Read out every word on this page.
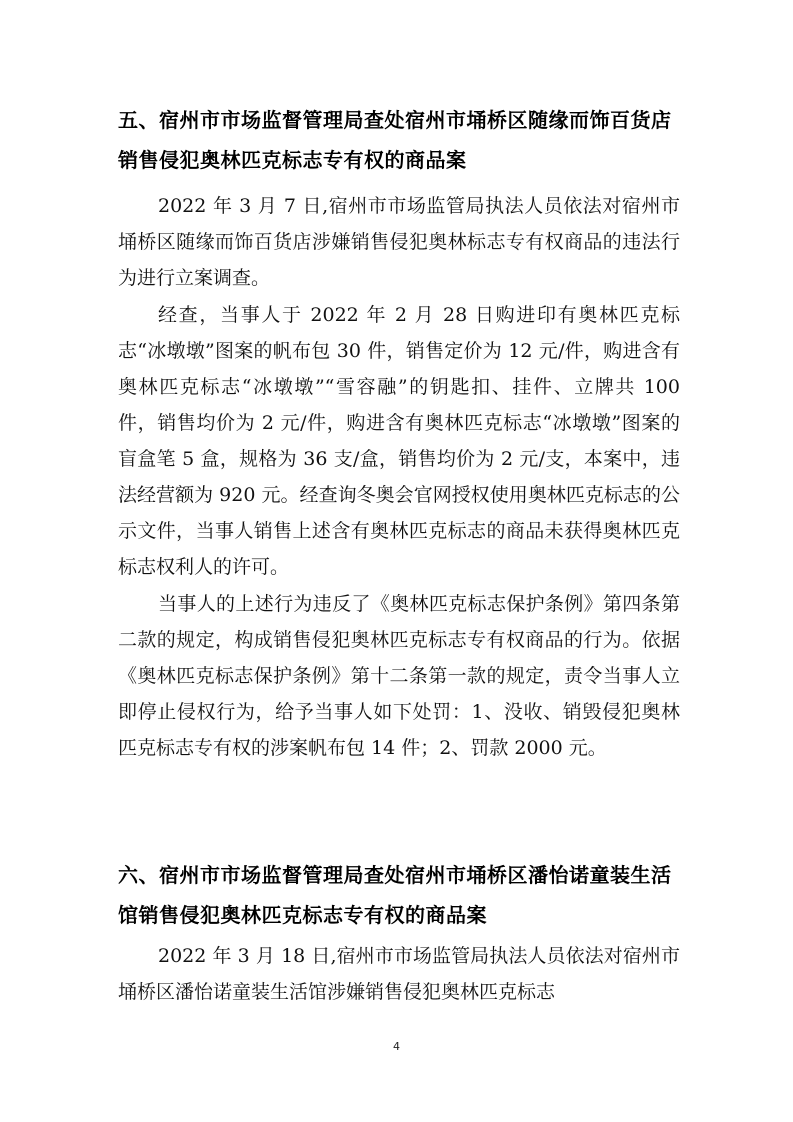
五、宿州市市场监督管理局查处宿州市埇桥区随缘而饰百货店销售侵犯奥林匹克标志专有权的商品案

2022 年 3 月 7 日,宿州市市场监管局执法人员依法对宿州市埇桥区随缘而饰百货店涉嫌销售侵犯奥林标志专有权商品的违法行为进行立案调查。

经查，当事人于 2022 年 2 月 28 日购进印有奥林匹克标志“冰墩墩”图案的帆布包 30 件，销售定价为 12 元/件，购进含有奥林匹克标志“冰墩墩”“雪容融”的钥匙扣、挂件、立牌共 100 件，销售均价为 2 元/件，购进含有奥林匹克标志“冰墩墩”图案的盲盒笔 5 盒，规格为 36 支/盒，销售均价为 2 元/支，本案中，违法经营额为 920 元。经查询冬奥会官网授权使用奥林匹克标志的公示文件，当事人销售上述含有奥林匹克标志的商品未获得奥林匹克标志权利人的许可。

当事人的上述行为违反了《奥林匹克标志保护条例》第四条第二款的规定，构成销售侵犯奥林匹克标志专有权商品的行为。依据《奥林匹克标志保护条例》第十二条第一款的规定，责令当事人立即停止侵权行为，给予当事人如下处罚：1、没收、销毁侵犯奥林匹克标志专有权的涉案帆布包 14 件；2、罚款 2000 元。

六、宿州市市场监督管理局查处宿州市埇桥区潘怡诺童装生活馆销售侵犯奥林匹克标志专有权的商品案

2022 年 3 月 18 日,宿州市市场监管局执法人员依法对宿州市埇桥区潘怡诺童装生活馆涉嫌销售侵犯奥林匹克标志

4
